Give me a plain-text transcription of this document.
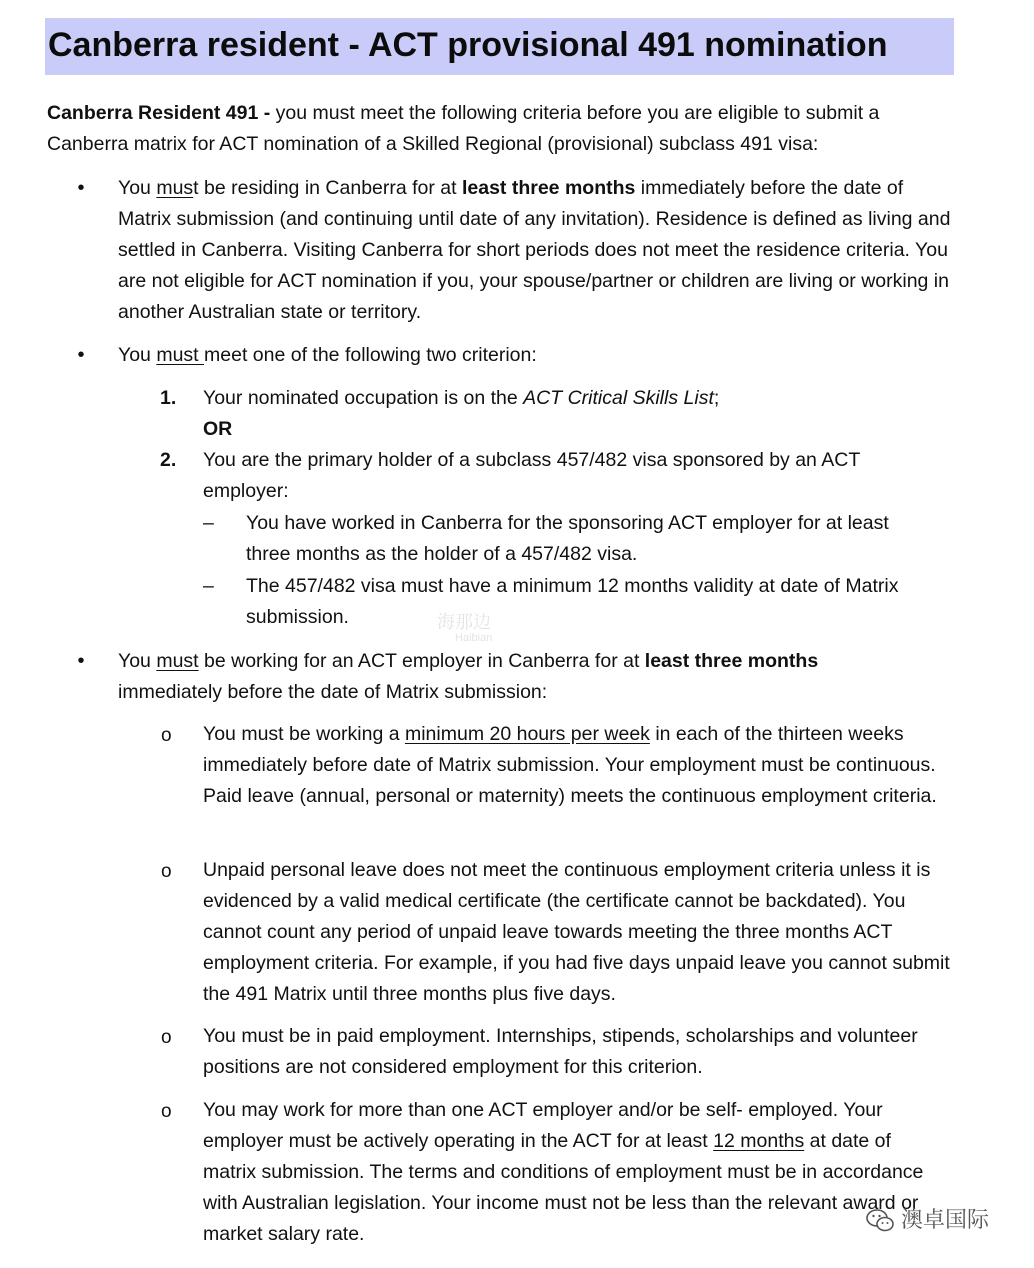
Canberra resident - ACT provisional 491 nomination

Canberra Resident 491 - you must meet the following criteria before you are eligible to submit a Canberra matrix for ACT nomination of a Skilled Regional (provisional) subclass 491 visa:

• You must be residing in Canberra for at least three months immediately before the date of Matrix submission (and continuing until date of any invitation). Residence is defined as living and settled in Canberra. Visiting Canberra for short periods does not meet the residence criteria. You are not eligible for ACT nomination if you, your spouse/partner or children are living or working in another Australian state or territory.

• You must meet one of the following two criterion:

1. Your nominated occupation is on the ACT Critical Skills List;

OR

2. You are the primary holder of a subclass 457/482 visa sponsored by an ACT employer:

– You have worked in Canberra for the sponsoring ACT employer for at least three months as the holder of a 457/482 visa.

– The 457/482 visa must have a minimum 12 months validity at date of Matrix submission.	海那边
Haibian
• You must be working for an ACT employer in Canberra for at least three months immediately before the date of Matrix submission:

o You must be working a minimum 20 hours per week in each of the thirteen weeks immediately before date of Matrix submission. Your employment must be continuous. Paid leave (annual, personal or maternity) meets the continuous employment criteria.

o Unpaid personal leave does not meet the continuous employment criteria unless it is evidenced by a valid medical certificate (the certificate cannot be backdated). You cannot count any period of unpaid leave towards meeting the three months ACT employment criteria. For example, if you had five days unpaid leave you cannot submit the 491 Matrix until three months plus five days.

o You must be in paid employment. Internships, stipends, scholarships and volunteer positions are not considered employment for this criterion.

o You may work for more than one ACT employer and/or be self- employed. Your employer must be actively operating in the ACT for at least 12 months at date of matrix submission. The terms and conditions of employment must be in accordance with Australian legislation. Your income must not be less than the relevant award or market salary rate.

澳卓国际
